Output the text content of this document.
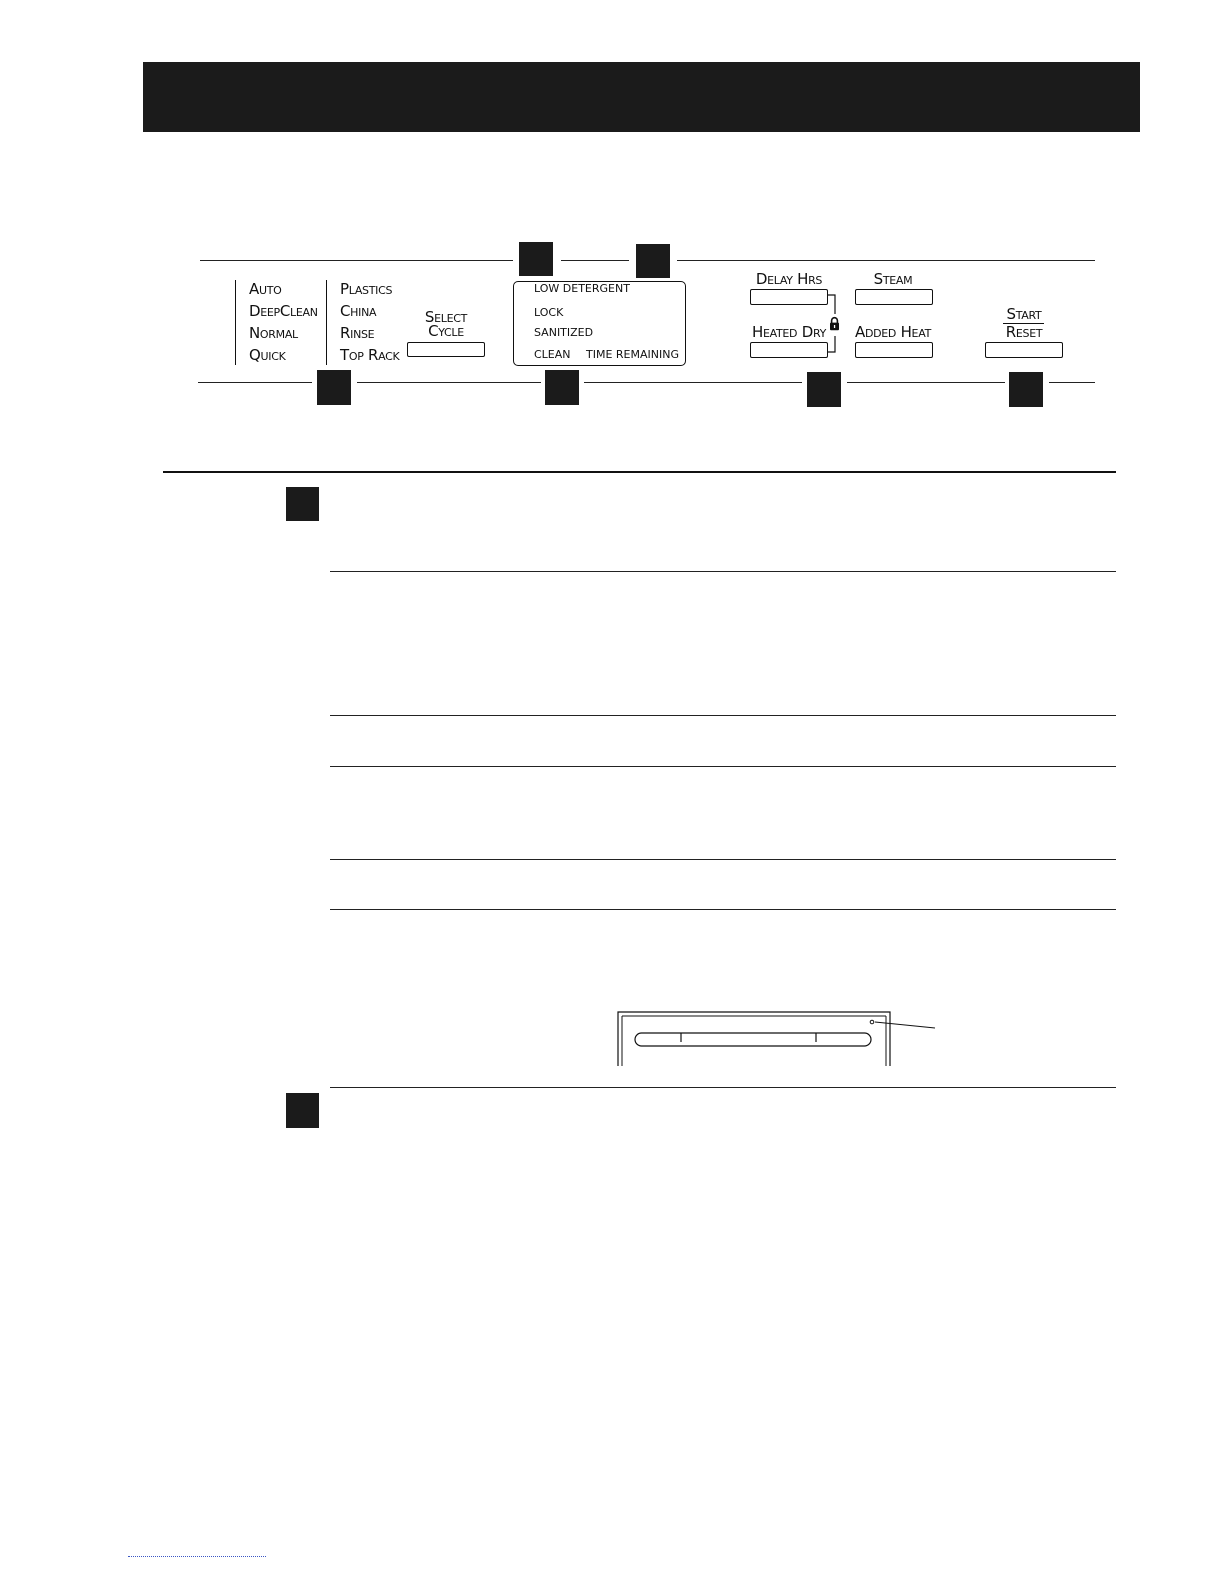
Auto
DeepClean
Normal
Quick
Plastics
China
Rinse
Top Rack
Select
Cycle
LOW DETERGENT
LOCK
SANITIZED
CLEAN TIME REMAINING
Delay Hrs	Steam
Heated Dry	Added Heat
Start
Reset
